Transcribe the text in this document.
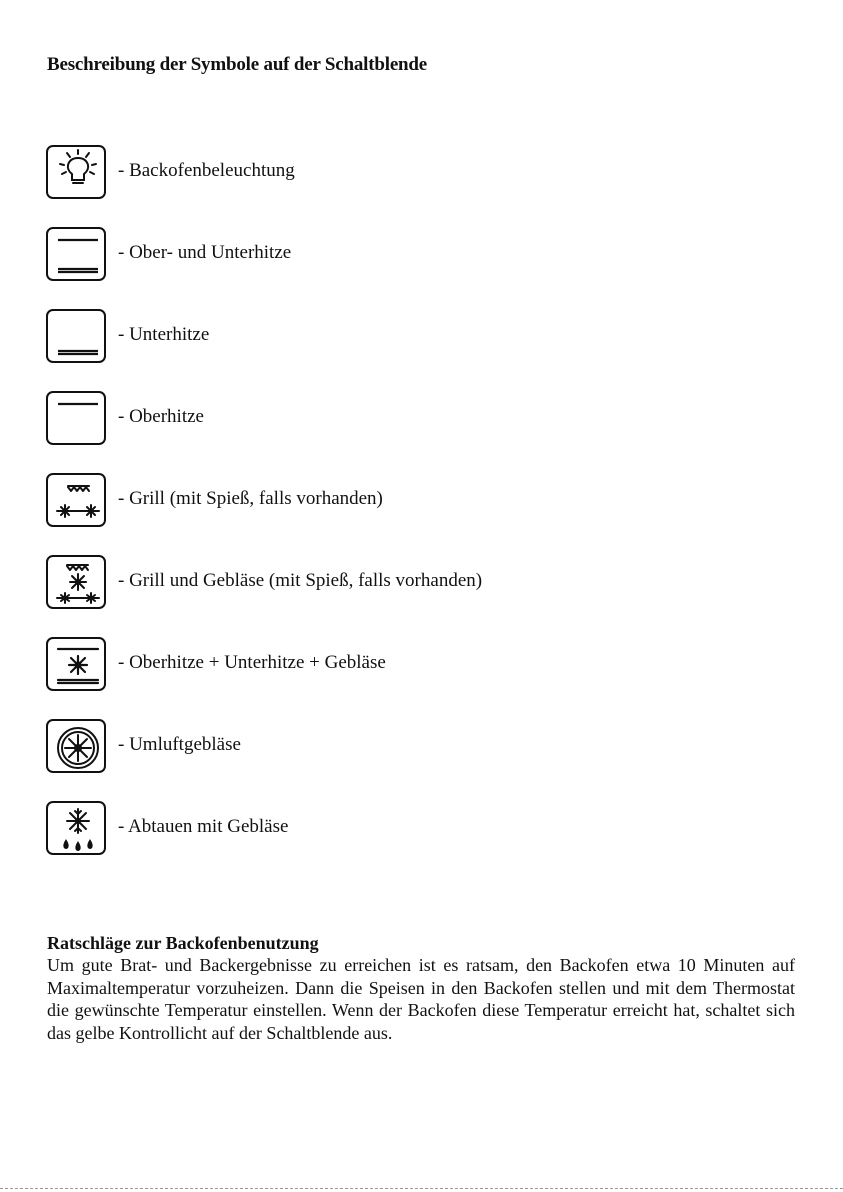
Beschreibung der Symbole auf der Schaltblende
- Backofenbeleuchtung
- Ober- und Unterhitze
- Unterhitze
- Oberhitze
- Grill (mit Spieß, falls vorhanden)
- Grill und Gebläse (mit Spieß, falls vorhanden)
- Oberhitze + Unterhitze + Gebläse
- Umluftgebläse
- Abtauen mit Gebläse
Ratschläge zur Backofenbenutzung

Um gute Brat- und Backergebnisse zu erreichen ist es ratsam, den Backofen etwa 10 Minuten auf Maximaltemperatur vorzuheizen. Dann die Speisen in den Backofen stellen und mit dem Thermostat die gewünschte Temperatur einstellen. Wenn der Backofen diese Temperatur erreicht hat, schaltet sich das gelbe Kontrollicht auf der Schaltblende aus.
